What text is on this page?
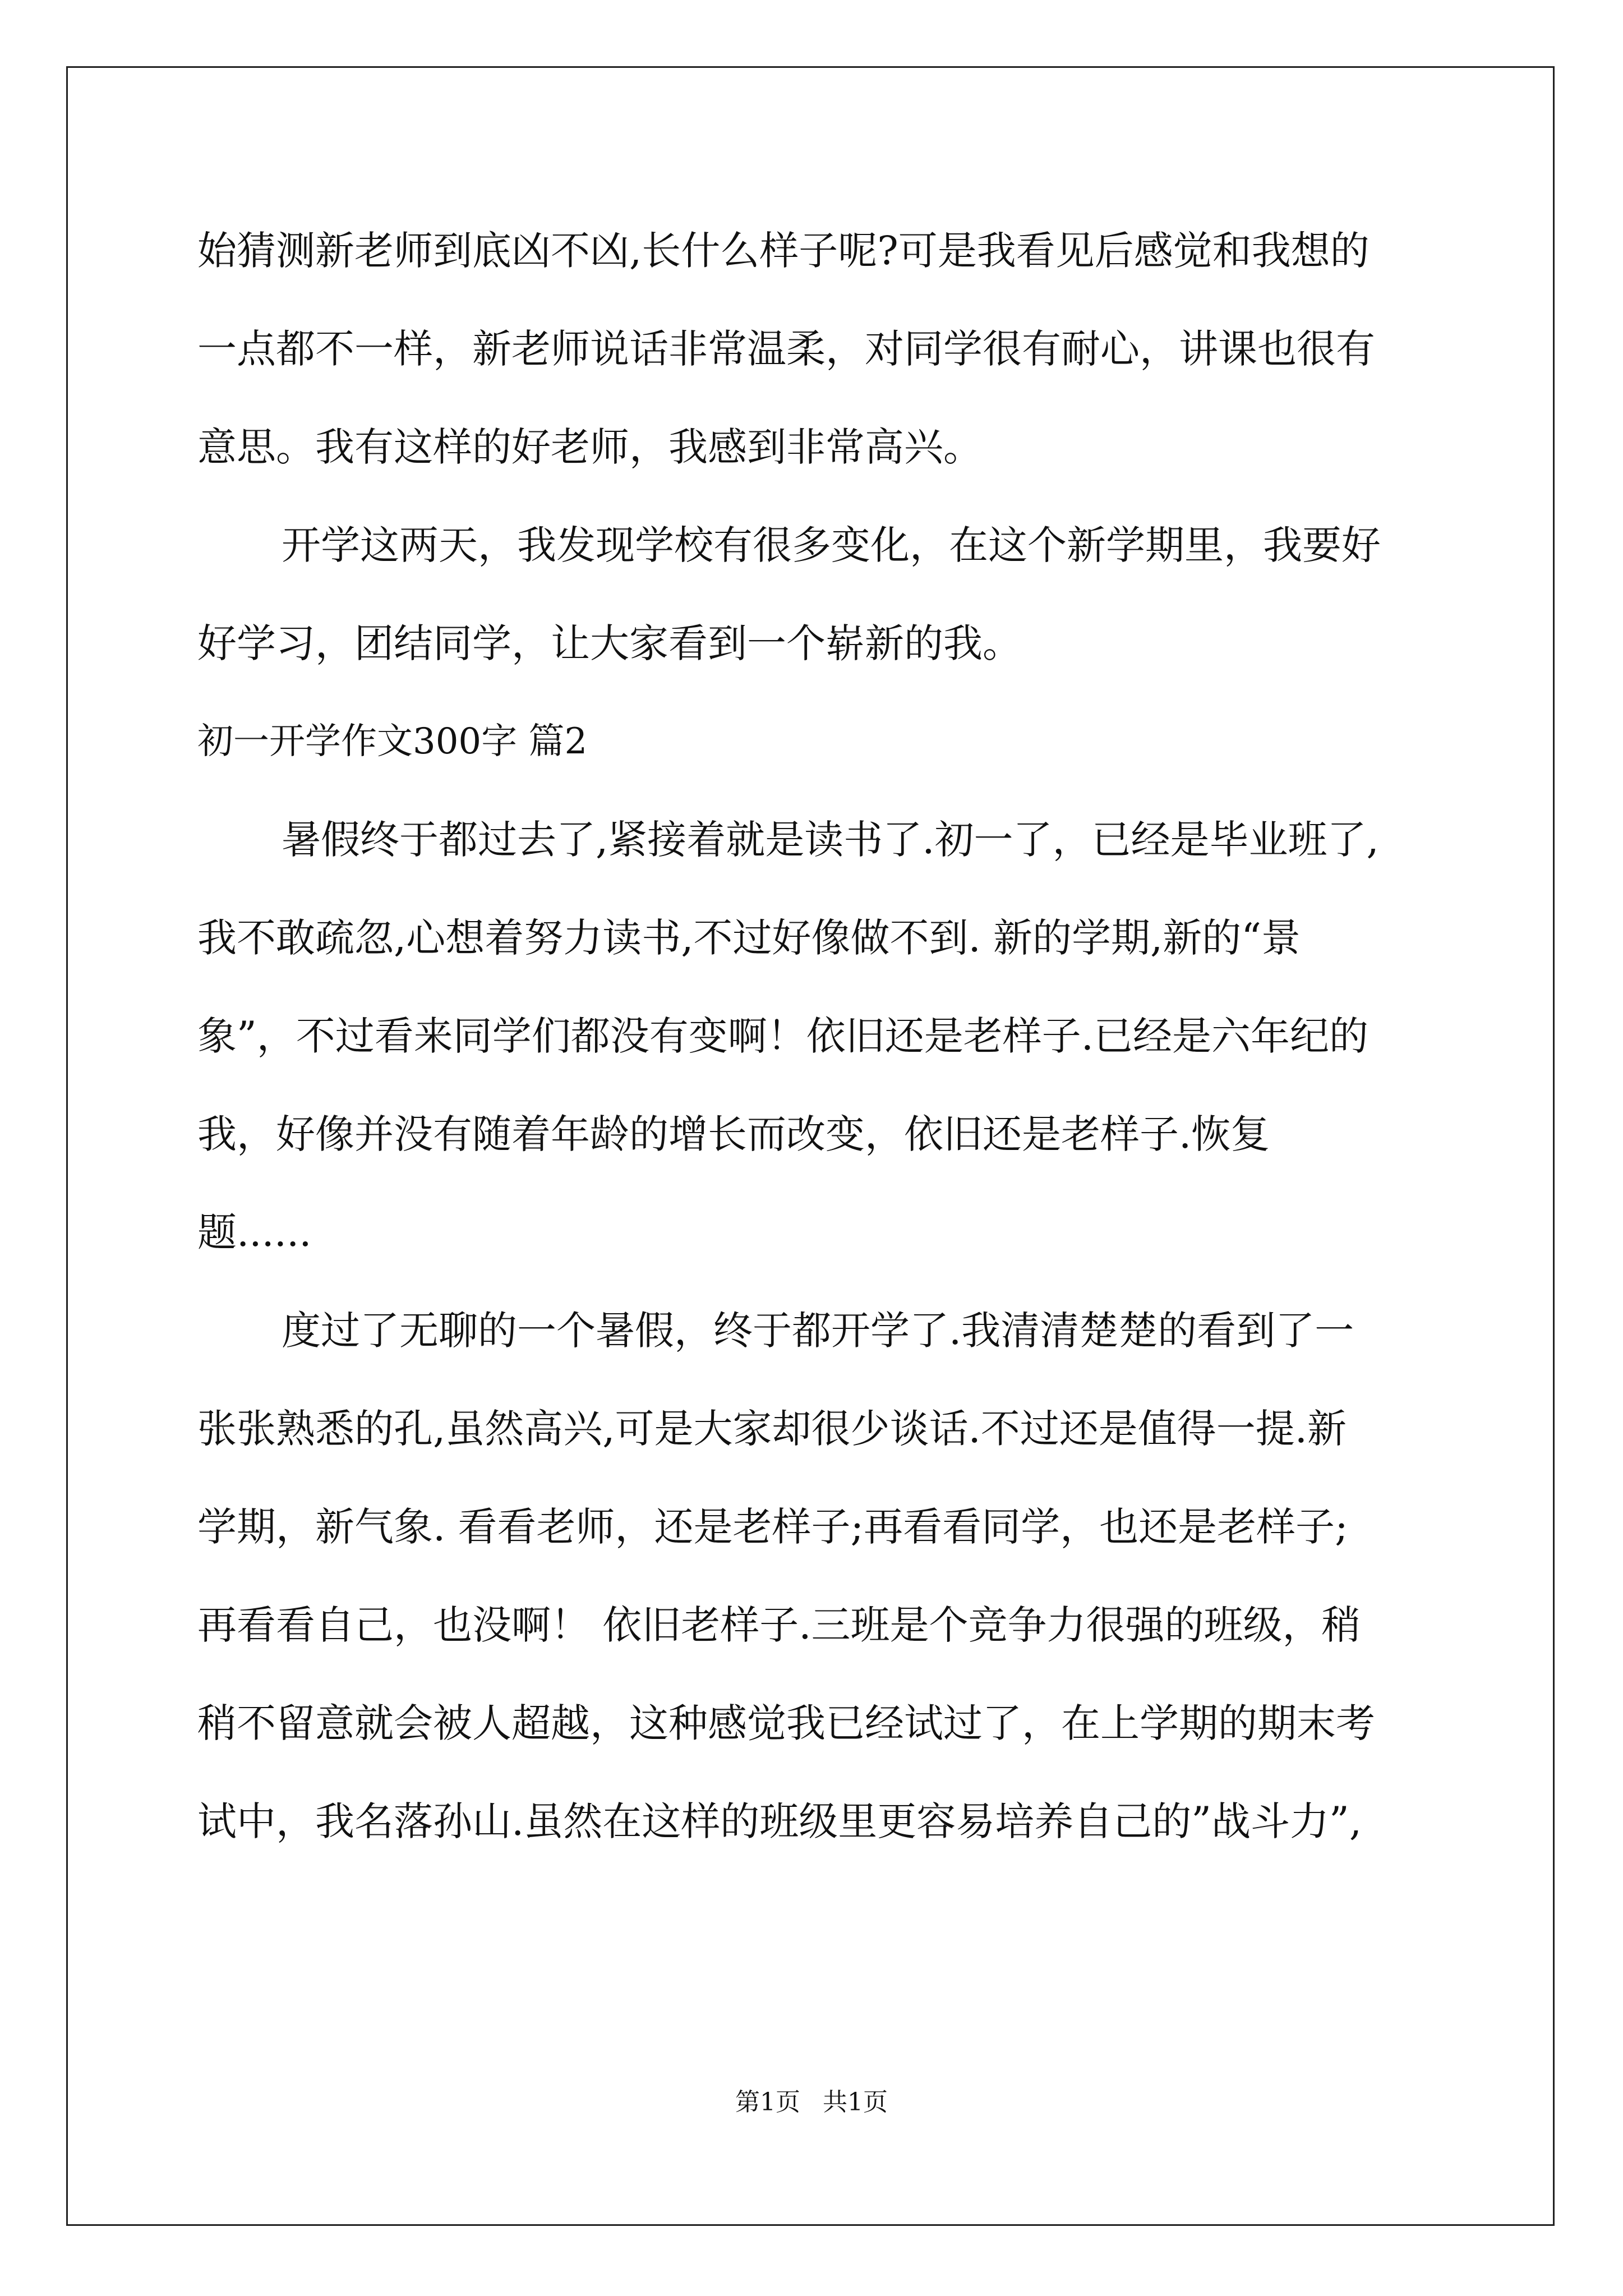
始猜测新老师到底凶不凶,长什么样子呢?可是我看见后感觉和我想的
一点都不一样，新老师说话非常温柔，对同学很有耐心，讲课也很有
意思。我有这样的好老师，我感到非常高兴。
开学这两天，我发现学校有很多变化，在这个新学期里，我要好
好学习，团结同学，让大家看到一个崭新的我。
初一开学作文300字 篇2
暑假终于都过去了,紧接着就是读书了.初一了，已经是毕业班了,
我不敢疏忽,心想着努力读书,不过好像做不到. 新的学期,新的“景
象”，不过看来同学们都没有变啊！依旧还是老样子.已经是六年纪的
我，好像并没有随着年龄的增长而改变，依旧还是老样子.恢复
题......
度过了无聊的一个暑假，终于都开学了.我清清楚楚的看到了一
张张熟悉的孔,虽然高兴,可是大家却很少谈话.不过还是值得一提.新
学期，新气象. 看看老师，还是老样子;再看看同学，也还是老样子;
再看看自己，也没啊！ 依旧老样子.三班是个竞争力很强的班级，稍
稍不留意就会被人超越，这种感觉我已经试过了，在上学期的期末考
试中，我名落孙山.虽然在这样的班级里更容易培养自己的”战斗力”,
第1页 共1页
